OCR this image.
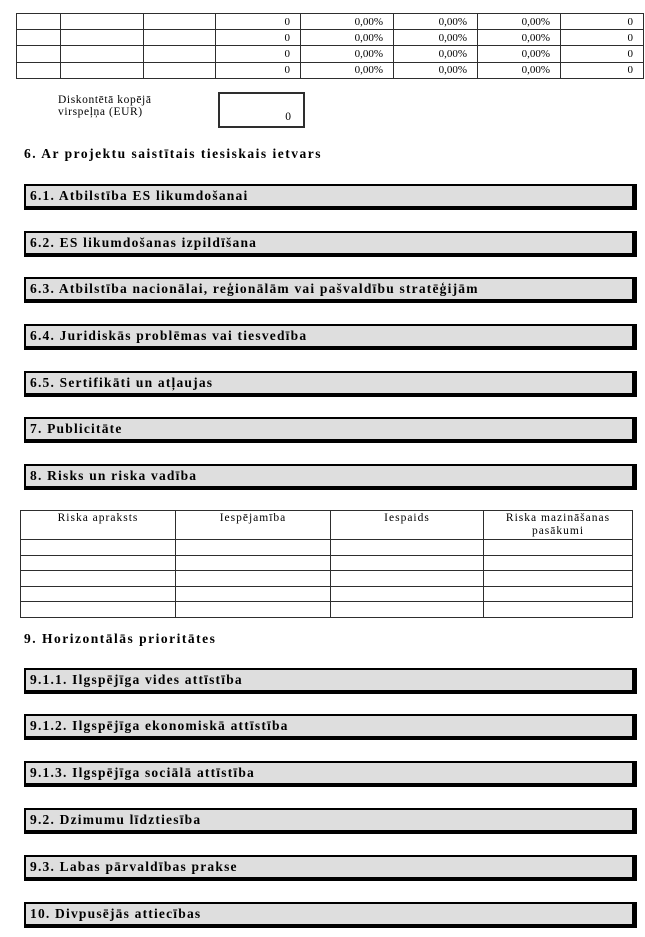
			0	0,00%	0,00%	0,00%	0
			0	0,00%	0,00%	0,00%	0
			0	0,00%	0,00%	0,00%	0
			0	0,00%	0,00%	0,00%	0
Diskontētā kopējā
virspeļņa (EUR)	0
6. Ar projektu saistītais tiesiskais ietvars
6.1. Atbilstība ES likumdošanai
6.2. ES likumdošanas izpildīšana
6.3. Atbilstība nacionālai, reģionālām vai pašvaldību stratēģijām
6.4. Juridiskās problēmas vai tiesvedība
6.5. Sertifikāti un atļaujas
7. Publicitāte
8. Risks un riska vadība
9.1.1. Ilgspējīga vides attīstība
9.1.2. Ilgspējīga ekonomiskā attīstība
9.1.3. Ilgspējīga sociālā attīstība
9.2. Dzimumu līdztiesība
9.3. Labas pārvaldības prakse
10. Divpusējās attiecības
Riska apraksts	Iespējamība	Iespaids	Riska mazināšanas pasākumi

9. Horizontālās prioritātes
